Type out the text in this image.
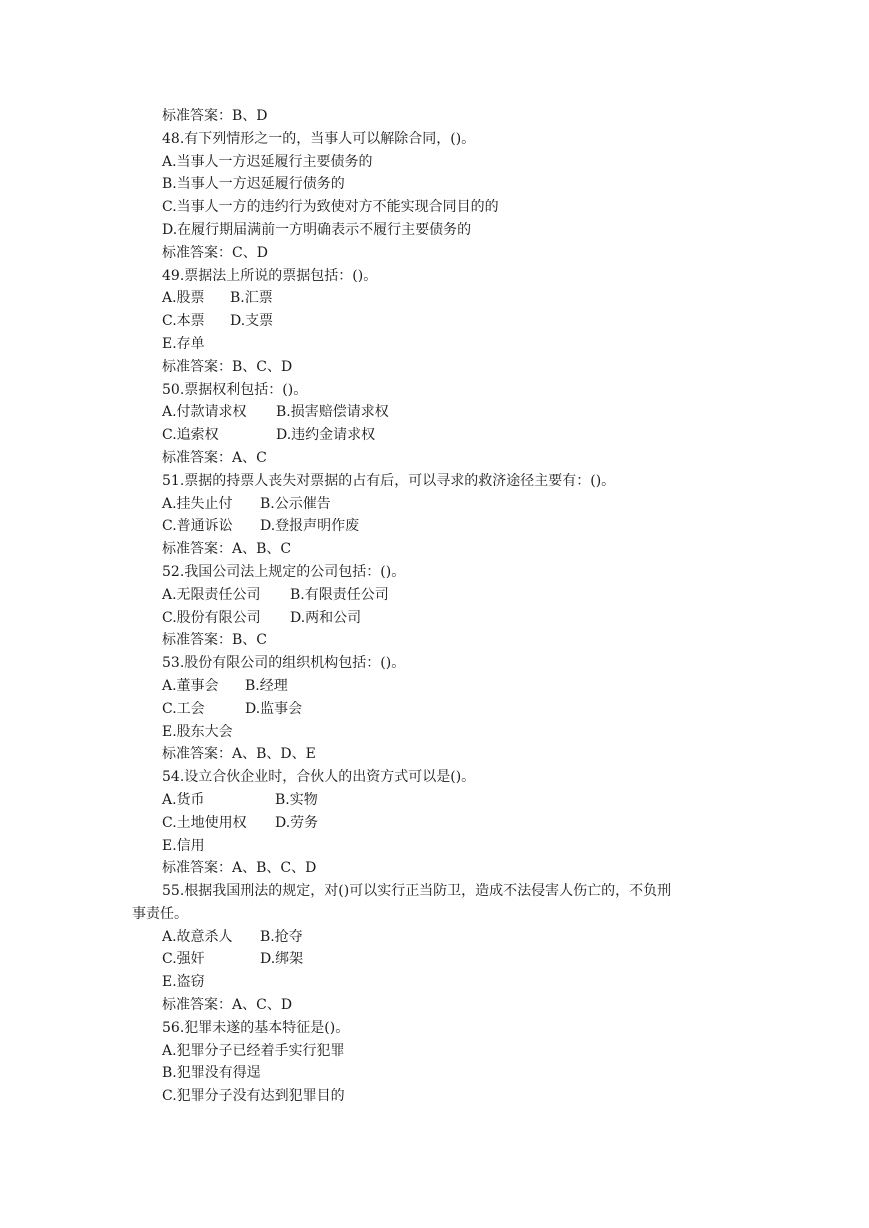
标准答案：B、D
48.有下列情形之一的，当事人可以解除合同，()。
A.当事人一方迟延履行主要债务的
B.当事人一方迟延履行债务的
C.当事人一方的违约行为致使对方不能实现合同目的的
D.在履行期届满前一方明确表示不履行主要债务的
标准答案：C、D
49.票据法上所说的票据包括：()。
A.股票 B.汇票
C.本票 D.支票
E.存单
标准答案：B、C、D
50.票据权利包括：()。
A.付款请求权 B.损害赔偿请求权
C.追索权	D.违约金请求权
标准答案：A、C
51.票据的持票人丧失对票据的占有后，可以寻求的救济途径主要有：()。
A.挂失止付 B.公示催告
C.普通诉讼 D.登报声明作废
标准答案：A、B、C
52.我国公司法上规定的公司包括：()。
A.无限责任公司 B.有限责任公司
C.股份有限公司 D.两和公司
标准答案：B、C
53.股份有限公司的组织机构包括：()。
A.董事会 B.经理
C.工会	D.监事会
E.股东大会
标准答案：A、B、D、E
54.设立合伙企业时，合伙人的出资方式可以是()。
A.货币	B.实物
C.土地使用权 D.劳务
E.信用
标准答案：A、B、C、D
55.根据我国刑法的规定，对()可以实行正当防卫，造成不法侵害人伤亡的，不负刑
事责任。
A.故意杀人 B.抢夺
C.强奸	D.绑架
E.盗窃
标准答案：A、C、D
56.犯罪未遂的基本特征是()。
A.犯罪分子已经着手实行犯罪
B.犯罪没有得逞
C.犯罪分子没有达到犯罪目的
